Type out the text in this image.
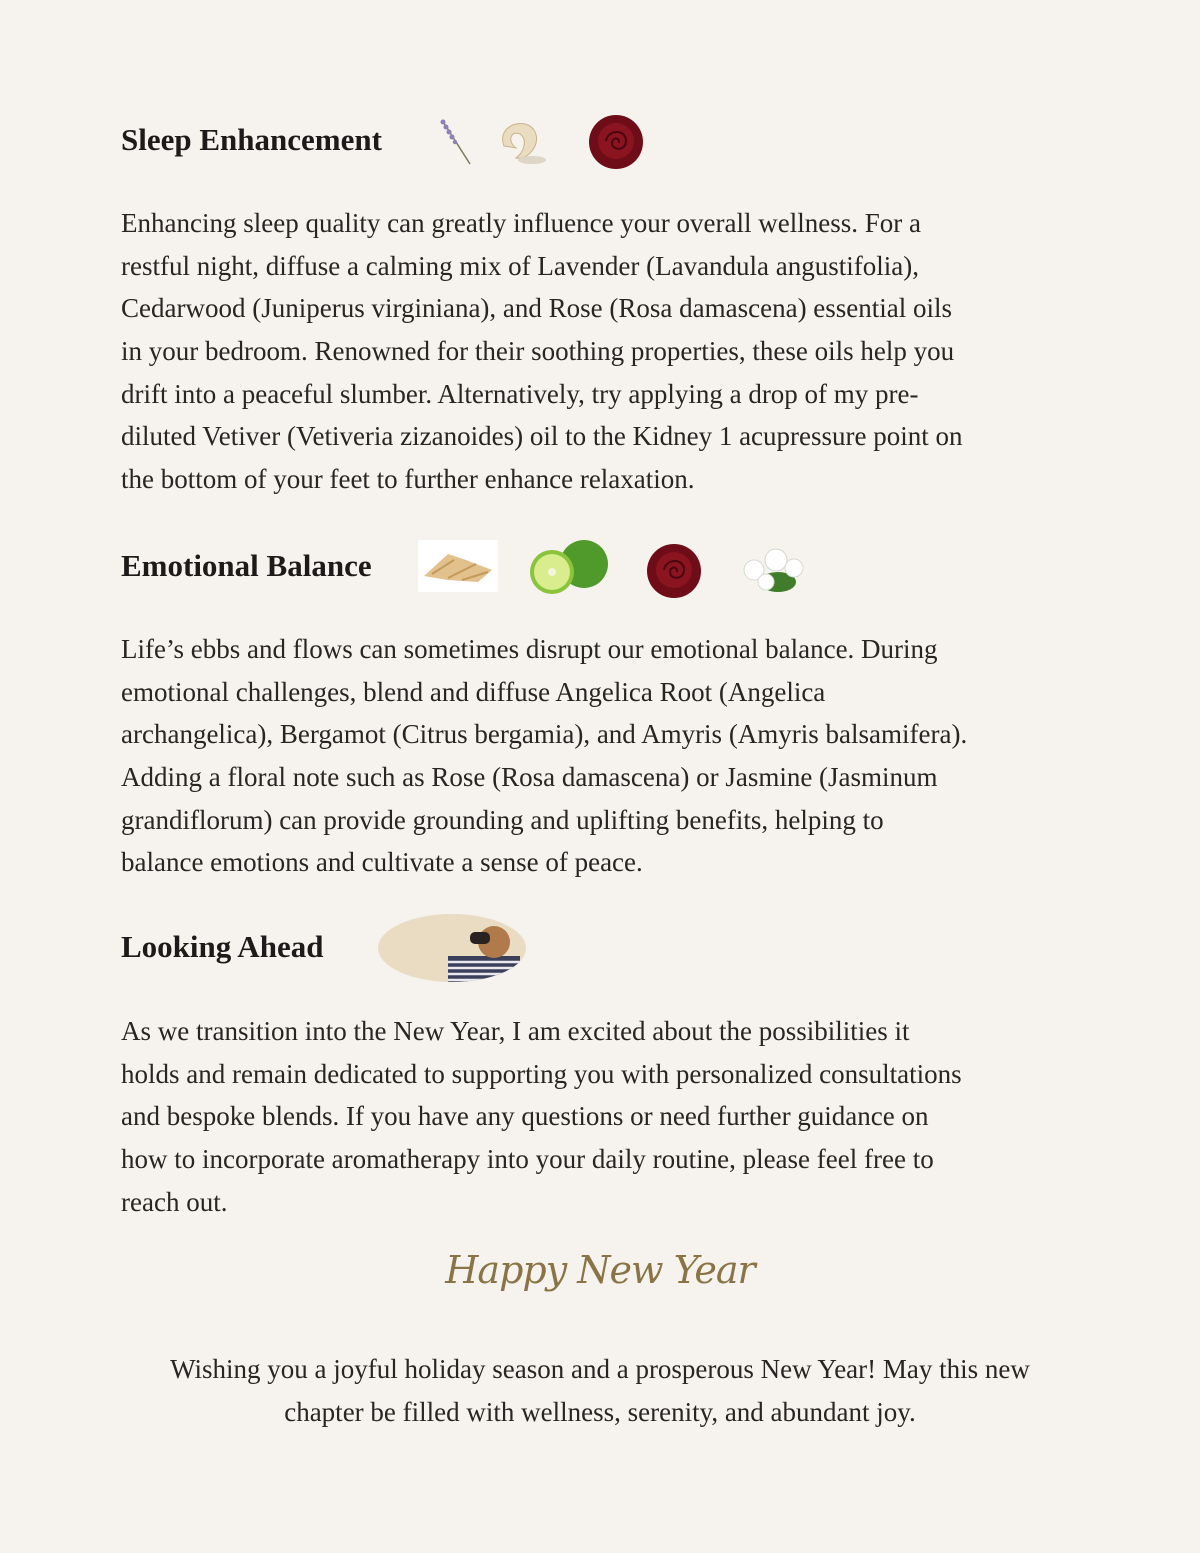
Sleep Enhancement
Enhancing sleep quality can greatly influence your overall wellness. For a
restful night, diffuse a calming mix of Lavender (Lavandula angustifolia),
Cedarwood (Juniperus virginiana), and Rose (Rosa damascena) essential oils
in your bedroom. Renowned for their soothing properties, these oils help you
drift into a peaceful slumber. Alternatively, try applying a drop of my pre-
diluted Vetiver (Vetiveria zizanoides) oil to the Kidney 1 acupressure point on
the bottom of your feet to further enhance relaxation.
Emotional Balance
Life’s ebbs and flows can sometimes disrupt our emotional balance. During
emotional challenges, blend and diffuse Angelica Root (Angelica
archangelica), Bergamot (Citrus bergamia), and Amyris (Amyris balsamifera).
Adding a floral note such as Rose (Rosa damascena) or Jasmine (Jasminum
grandiflorum) can provide grounding and uplifting benefits, helping to
balance emotions and cultivate a sense of peace.
Looking Ahead
As we transition into the New Year, I am excited about the possibilities it
holds and remain dedicated to supporting you with personalized consultations
and bespoke blends. If you have any questions or need further guidance on
how to incorporate aromatherapy into your daily routine, please feel free to
reach out.
Happy New Year
Wishing you a joyful holiday season and a prosperous New Year! May this new
chapter be filled with wellness, serenity, and abundant joy.
